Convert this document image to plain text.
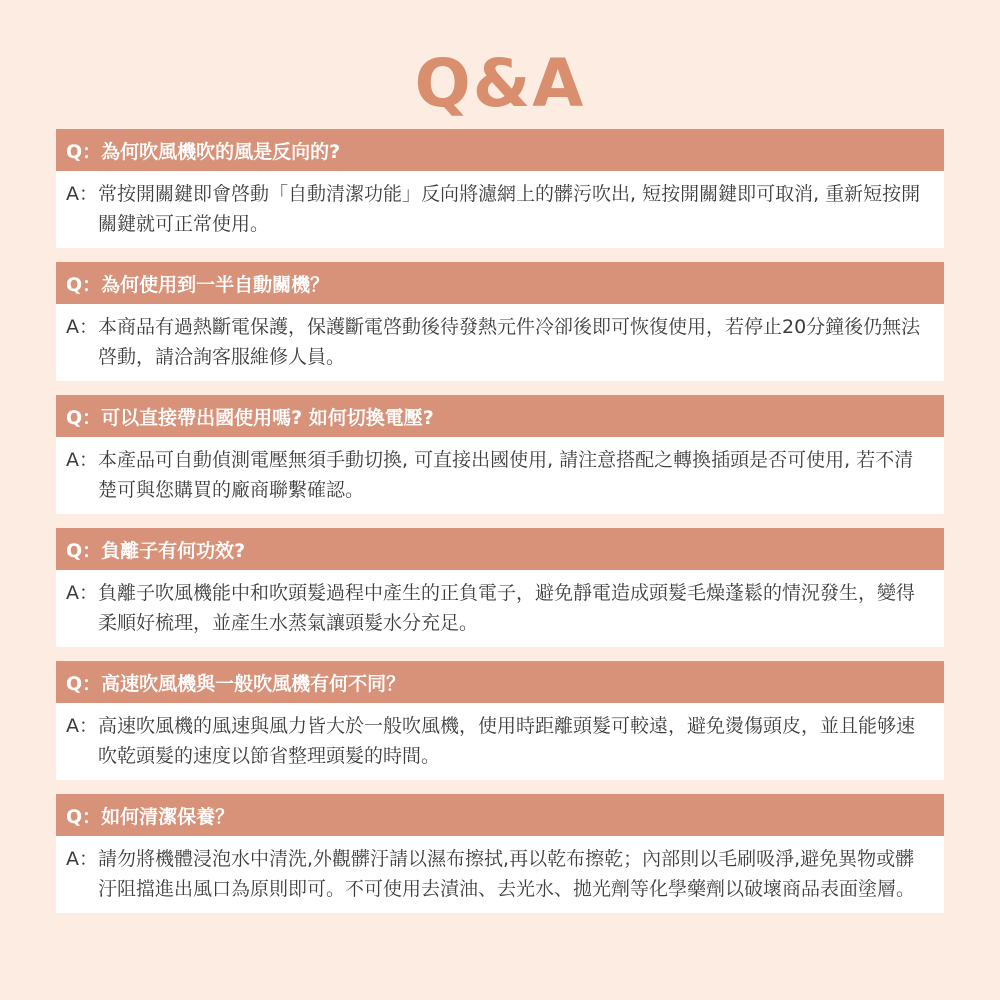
Q&A
Q： 為何吹風機吹的風是反向的?
A： 常按開關鍵即會啓動「自動清潔功能」反向將濾網上的髒污吹出, 短按開關鍵即可取消, 重新短按開關鍵就可正常使用。
Q： 為何使用到一半自動關機？
A： 本商品有過熱斷電保護，保護斷電啓動後待發熱元件冷卻後即可恢復使用，若停止20分鐘後仍無法啓動，請洽詢客服維修人員。
Q： 可以直接帶出國使用嗎? 如何切換電壓?
A： 本產品可自動偵測電壓無須手動切換, 可直接出國使用, 請注意搭配之轉換插頭是否可使用, 若不清楚可與您購買的廠商聯繫確認。
Q： 負離子有何功效?
A： 負離子吹風機能中和吹頭髮過程中產生的正負電子，避免靜電造成頭髮毛燥蓬鬆的情況發生，變得柔順好梳理，並產生水蒸氣讓頭髮水分充足。
Q： 高速吹風機與一般吹風機有何不同？
A： 高速吹風機的風速與風力皆大於一般吹風機，使用時距離頭髮可較遠，避免燙傷頭皮，並且能够速吹乾頭髮的速度以節省整理頭髮的時間。
Q： 如何清潔保養？
A： 請勿將機體浸泡水中清洗,外觀髒汙請以濕布擦拭,再以乾布擦乾；內部則以毛刷吸淨,避免異物或髒汙阻擋進出風口為原則即可。不可使用去漬油、去光水、拋光劑等化學藥劑以破壞商品表面塗層。
